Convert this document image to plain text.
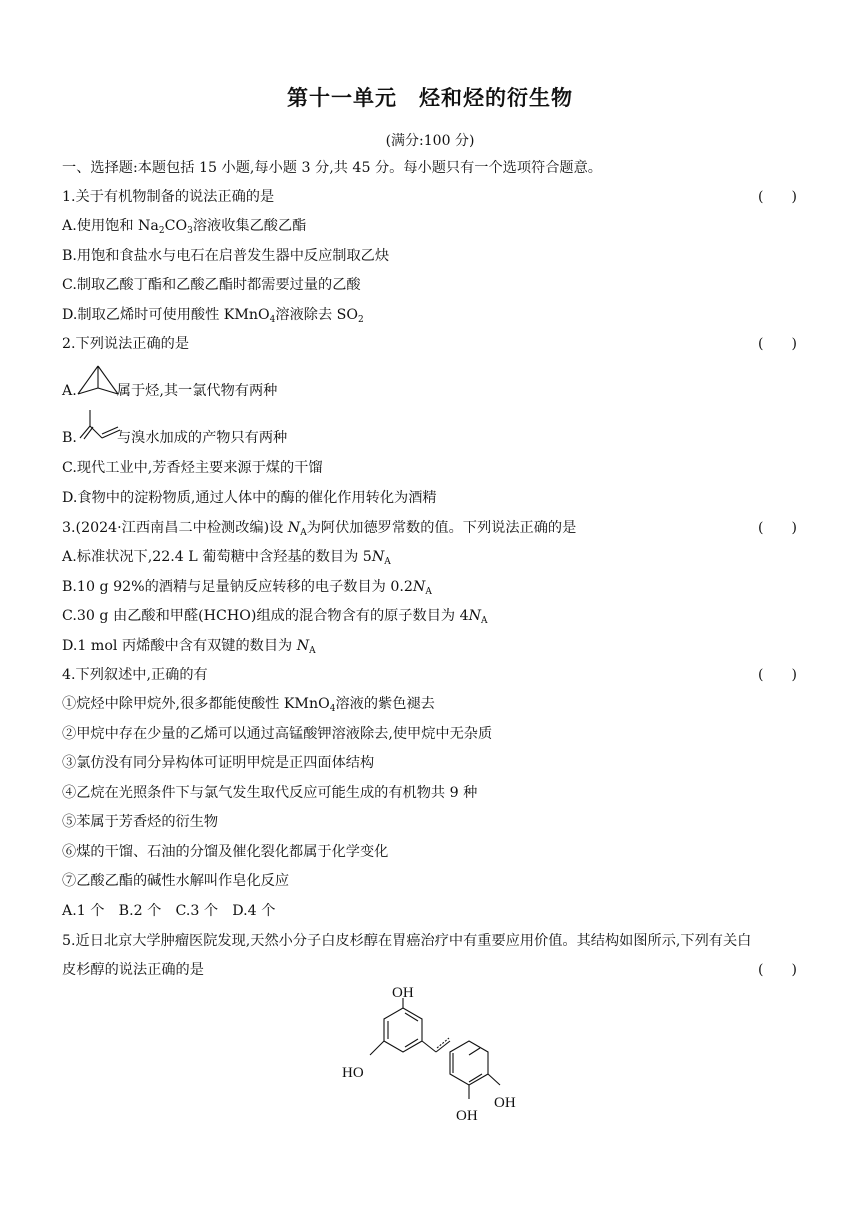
第十一单元　烃和烃的衍生物
(满分:100 分)
一、选择题:本题包括 15 小题,每小题 3 分,共 45 分。每小题只有一个选项符合题意。
1.关于有机物制备的说法正确的是	(　　)
A.使用饱和 $Na_2CO_3$溶液收集乙酸乙酯
B.用饱和食盐水与电石在启普发生器中反应制取乙炔
C.制取乙酸丁酯和乙酸乙酯时都需要过量的乙酸
D.制取乙烯时可使用酸性 KMnO$_4$溶液除去 $SO_2$
2.下列说法正确的是	(　　)
A.	属于烃,其一氯代物有两种
B.	与溴水加成的产物只有两种
C.现代工业中,芳香烃主要来源于煤的干馏
D.食物中的淀粉物质,通过人体中的酶的催化作用转化为酒精
3.(2024·江西南昌二中检测改编)设 $N_A$为阿伏加德罗常数的值。下列说法正确的是	(　　)
A.标准状况下,22.4 L 葡萄糖中含羟基的数目为 $5N_A$
B.10 g 92%的酒精与足量钠反应转移的电子数目为 $0.2N_A$
C.30 g 由乙酸和甲醛(HCHO)组成的混合物含有的原子数目为 $4N_A$
D.1 mol 丙烯酸中含有双键的数目为 $N_A$
4.下列叙述中,正确的有	(　　)
①烷烃中除甲烷外,很多都能使酸性 KMnO$_4$溶液的紫色褪去
②甲烷中存在少量的乙烯可以通过高锰酸钾溶液除去,使甲烷中无杂质
③氯仿没有同分异构体可证明甲烷是正四面体结构
④乙烷在光照条件下与氯气发生取代反应可能生成的有机物共 9 种
⑤苯属于芳香烃的衍生物
⑥煤的干馏、石油的分馏及催化裂化都属于化学变化
⑦乙酸乙酯的碱性水解叫作皂化反应
A.1 个　B.2 个　C.3 个　D.4 个
5.近日北京大学肿瘤医院发现,天然小分子白皮杉醇在胃癌治疗中有重要应用价值。其结构如图所示,下列有关白
皮杉醇的说法正确的是	(　　)
OH
HO
OH
OH
